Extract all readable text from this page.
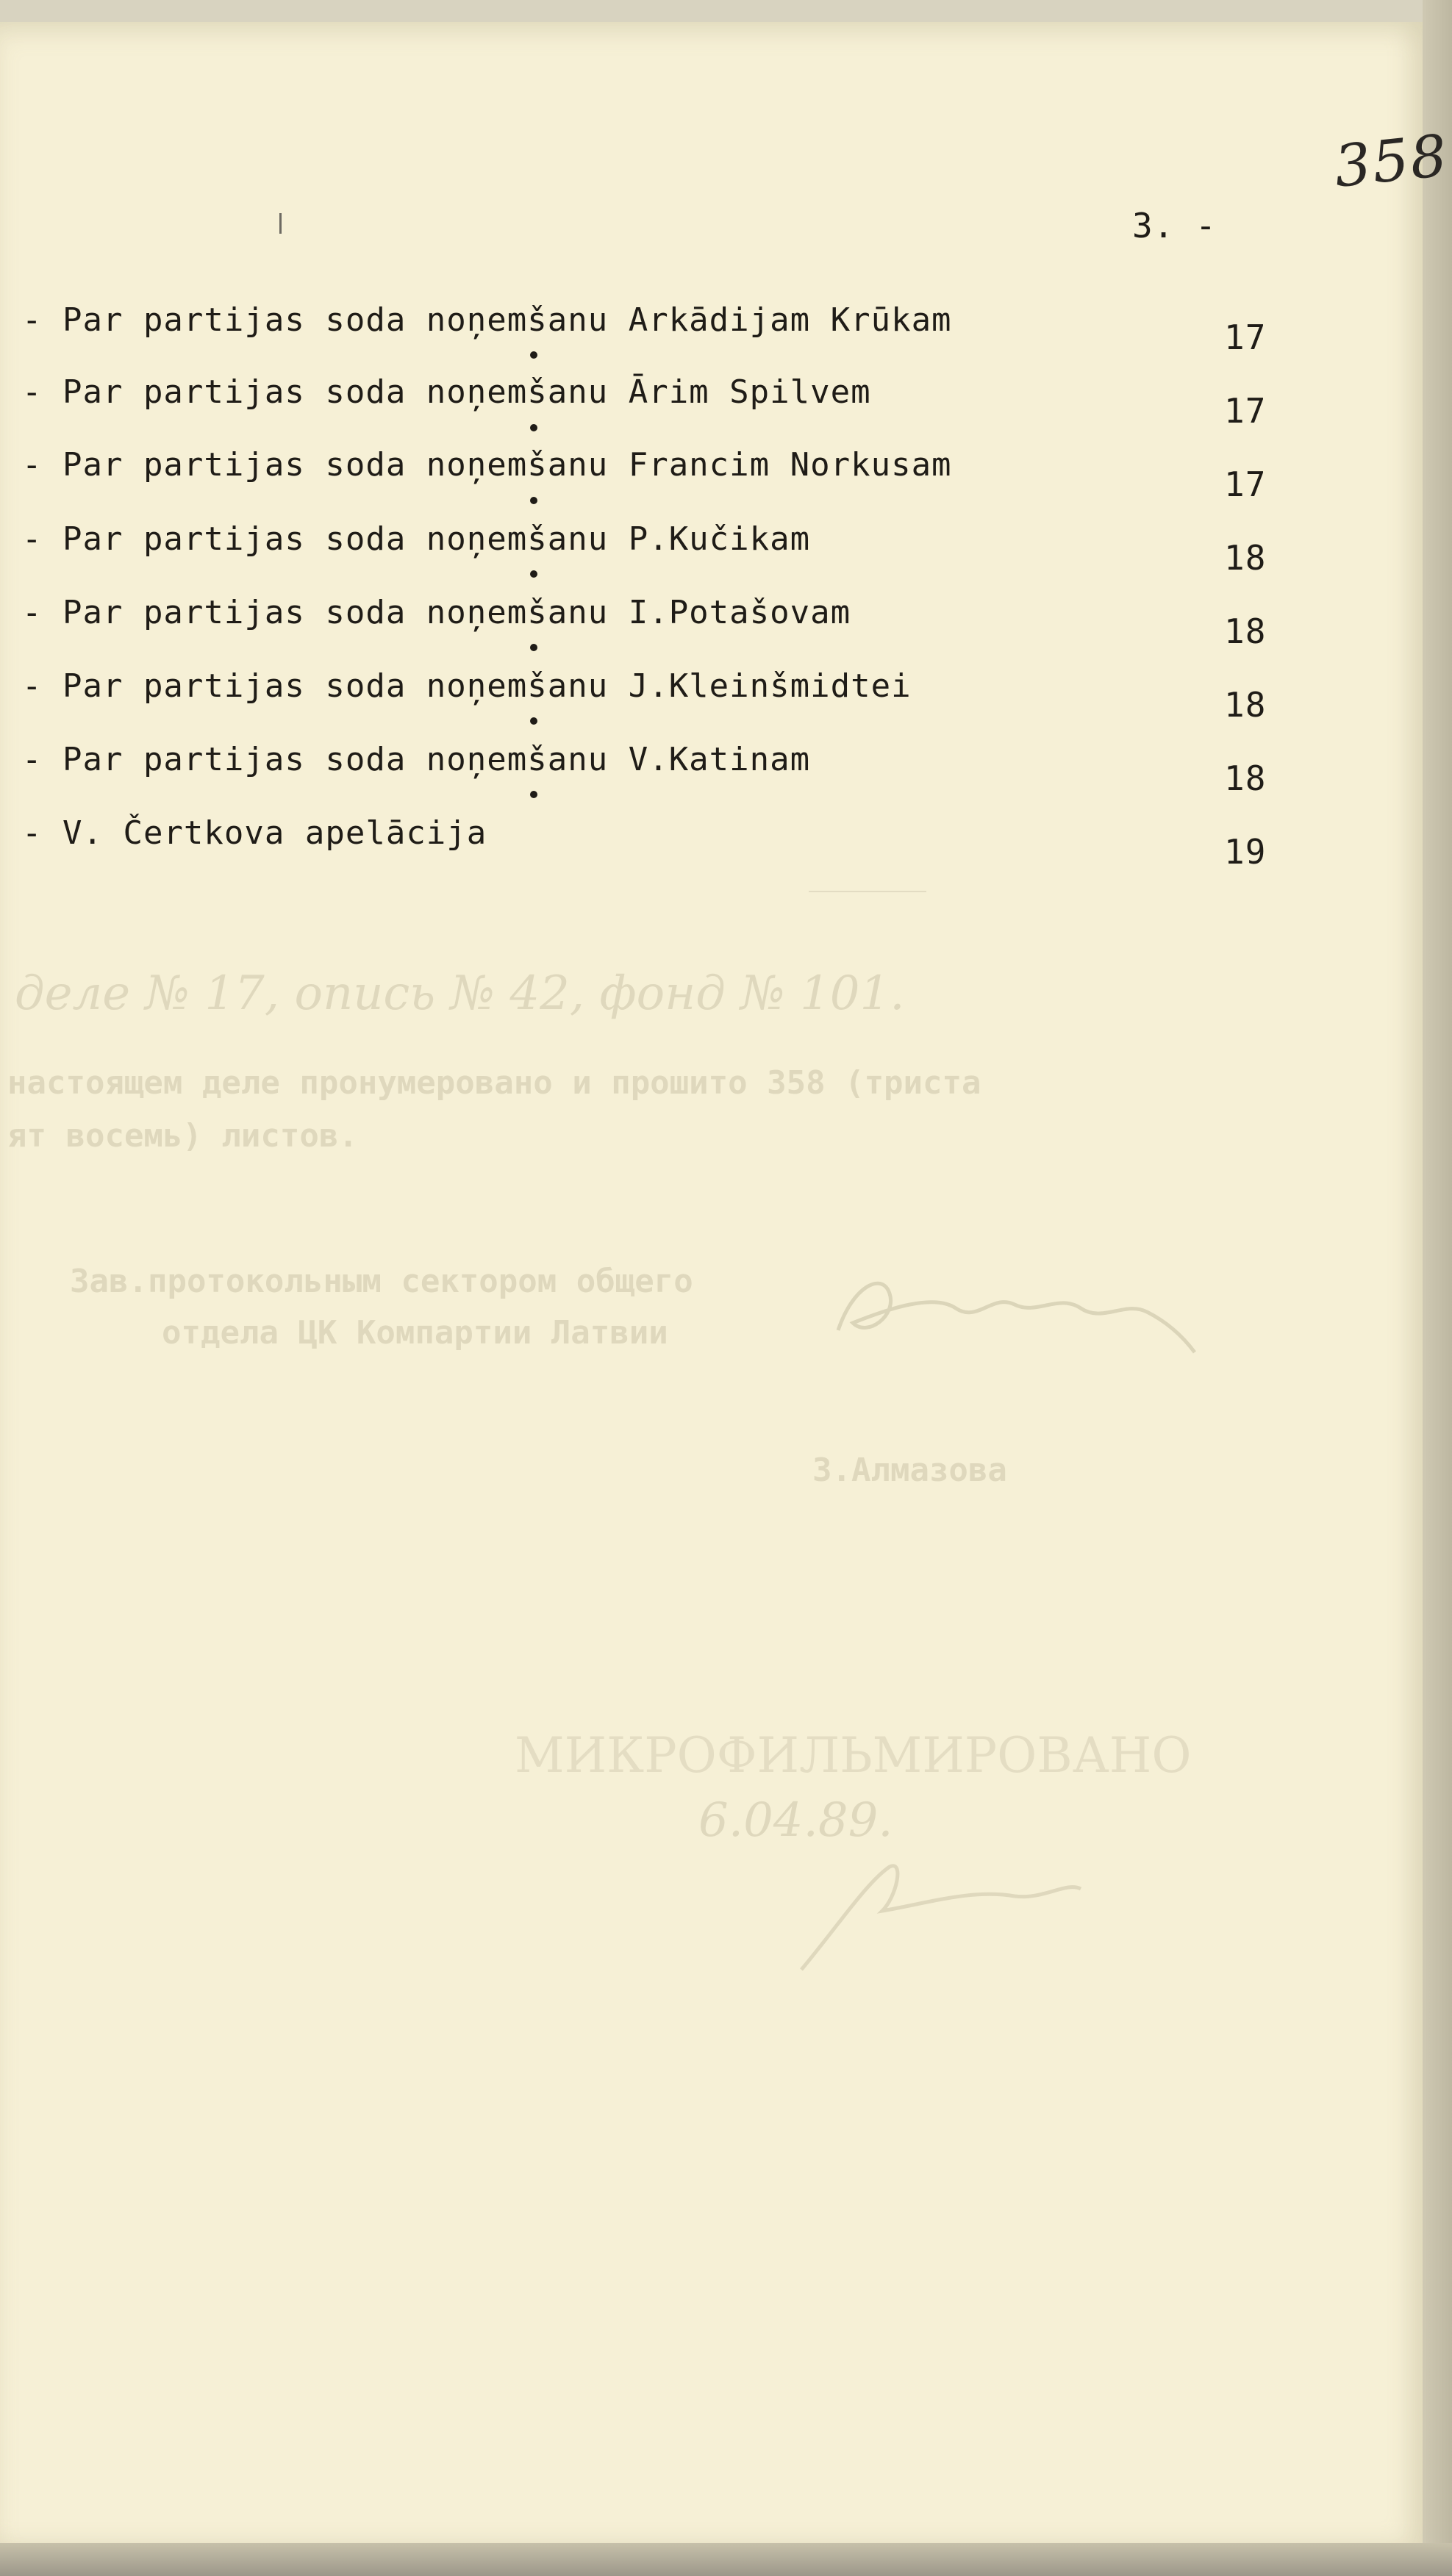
358
3. -
- Par partijas soda noņemšanu Arkādijam Krūkam	17
- Par partijas soda noņemšanu Ārim Spilvem	17
- Par partijas soda noņemšanu Francim Norkusam	17
- Par partijas soda noņemšanu P.Kučikam	18
- Par partijas soda noņemšanu I.Potašovam	18
- Par partijas soda noņemšanu J.Kleinšmidtei	18
- Par partijas soda noņemšanu V.Katinam	18
- V. Čertkova apelācija	19
деле № 17, опись № 42, фонд № 101.
настоящем деле пронумеровано и прошито 358 (триста
ят восемь) листов.
Зав.протокольным сектором общего
отдела ЦК Компартии Латвии
З.Алмазова
МИКРОФИЛЬМИРОВАНО
6.04.89.
